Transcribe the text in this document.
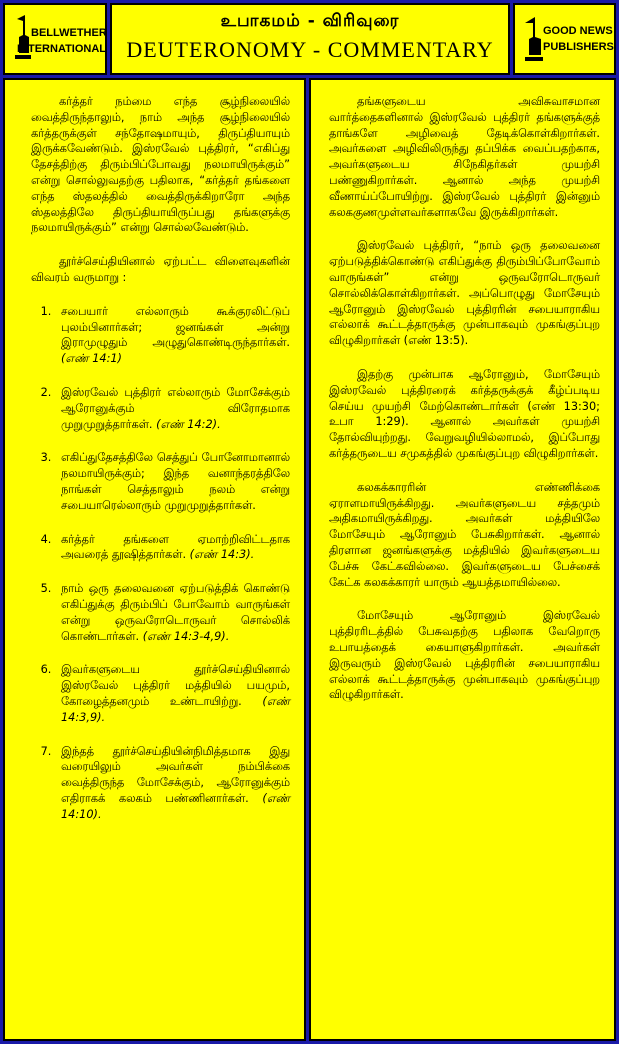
BELLWETHER
INTERNATIONAL
உபாகமம் - விரிவுரை
DEUTERONOMY - COMMENTARY
GOOD NEWS
PUBLISHERS

கர்த்தர் நம்மை எந்த சூழ்நிலையில் வைத்திருந்தாலும், நாம் அந்த சூழ்நிலையில் கர்த்தருக்குள் சந்தோஷமாயும், திருப்தியாயும் இருக்கவேண்டும். இஸ்ரவேல் புத்திரர், “எகிப்து தேசத்திற்கு திரும்பிப்போவது நலமாயிருக்கும்” என்று சொல்லுவதற்கு பதிலாக, “கர்த்தர் தங்களை எந்த ஸ்தலத்தில் வைத்திருக்கிறாரோ அந்த ஸ்தலத்திலே திருப்தியாயிருப்பது தங்களுக்கு நலமாயிருக்கும்” என்று சொல்லவேண்டும்.

தூர்ச்செய்தியினால் ஏற்பட்ட விளைவுகளின் விவரம் வருமாறு :

1. சபையார் எல்லாரும் கூக்குரலிட்டுப் புலம்பினார்கள்; ஜனங்கள் அன்று இராமுழுதும் அழுதுகொண்டிருந்தார்கள். (எண் 14:1)
2. இஸ்ரவேல் புத்திரர் எல்லாரும் மோசேக்கும் ஆரோனுக்கும் விரோதமாக முறுமுறுத்தார்கள். (எண் 14:2).
3. எகிப்துதேசத்திலே செத்துப் போனோமானால் நலமாயிருக்கும்; இந்த வனாந்தரத்திலே நாங்கள் செத்தாலும் நலம் என்று சபையாரெல்லாரும் முறுமுறுத்தார்கள்.
4. கர்த்தர் தங்களை ஏமாற்றிவிட்டதாக அவரைத் தூஷித்தார்கள். (எண் 14:3).
5. நாம் ஒரு தலைவனை ஏற்படுத்திக் கொண்டு எகிப்துக்கு திரும்பிப் போவோம் வாருங்கள் என்று ஒருவரோடொருவர் சொல்லிக் கொண்டார்கள். (எண் 14:3-4,9).
6. இவர்களுடைய தூர்ச்செய்தியினால் இஸ்ரவேல் புத்திரர் மத்தியில் பயமும், கோழைத்தனமும் உண்டாயிற்று. (எண் 14:3,9).
7. இந்தத் தூர்ச்செய்தியின்நிமித்தமாக இது வரையிலும் அவர்கள் நம்பிக்கை வைத்திருந்த மோசேக்கும், ஆரோனுக்கும் எதிராகக் கலகம் பண்ணினார்கள். (எண் 14:10).

தங்களுடைய அவிசுவாசமான வார்த்தைகளினால் இஸ்ரவேல் புத்திரர் தங்களுக்குத் தாங்களே அழிவைத் தேடிக்கொள்கிறார்கள். அவர்களை அழிவிலிருந்து தப்பிக்க வைப்பதற்காக, அவர்களுடைய சிநேகிதர்கள் முயற்சி பண்ணுகிறார்கள். ஆனால் அந்த முயற்சி வீணாய்ப்போயிற்று. இஸ்ரவேல் புத்திரர் இன்னும் கலககுணமுள்ளவர்களாகவே இருக்கிறார்கள்.

இஸ்ரவேல் புத்திரர், “நாம் ஒரு தலைவனை ஏற்படுத்திக்கொண்டு எகிப்துக்கு திரும்பிப்போவோம் வாருங்கள்” என்று ஒருவரோடொருவர் சொல்லிக்கொள்கிறார்கள். அப்பொழுது மோசேயும் ஆரோனும் இஸ்ரவேல் புத்திரரின் சபையாராகிய எல்லாக் கூட்டத்தாருக்கு முன்பாகவும் முகங்குப்புற விழுகிறார்கள் (எண் 13:5).

இதற்கு முன்பாக ஆரோனும், மோசேயும் இஸ்ரவேல் புத்திரரைக் கர்த்தருக்குக் கீழ்ப்படிய செய்ய முயற்சி மேற்கொண்டார்கள் (எண் 13:30; உபா 1:29). ஆனால் அவர்கள் முயற்சி தோல்வியுற்றது. வேறுவழியில்லாமல், இப்போது கர்த்தருடைய சமுகத்தில் முகங்குப்புற விழுகிறார்கள்.

கலகக்காரரின் எண்ணிக்கை ஏராளமாயிருக்கிறது. அவர்களுடைய சத்தமும் அதிகமாயிருக்கிறது. அவர்கள் மத்தியிலே மோசேயும் ஆரோனும் பேசுகிறார்கள். ஆனால் திரளான ஜனங்களுக்கு மத்தியில் இவர்களுடைய பேச்சு கேட்கவில்லை. இவர்களுடைய பேச்சைக் கேட்க கலகக்காரர் யாரும் ஆயத்தமாயில்லை.

மோசேயும் ஆரோனும் இஸ்ரவேல் புத்திரரிடத்தில் பேசுவதற்கு பதிலாக வேறொரு உபாயத்தைக் கையாளுகிறார்கள். அவர்கள் இருவரும் இஸ்ரவேல் புத்திரரின் சபையாராகிய எல்லாக் கூட்டத்தாருக்கு முன்பாகவும் முகங்குப்புற விழுகிறார்கள்.
